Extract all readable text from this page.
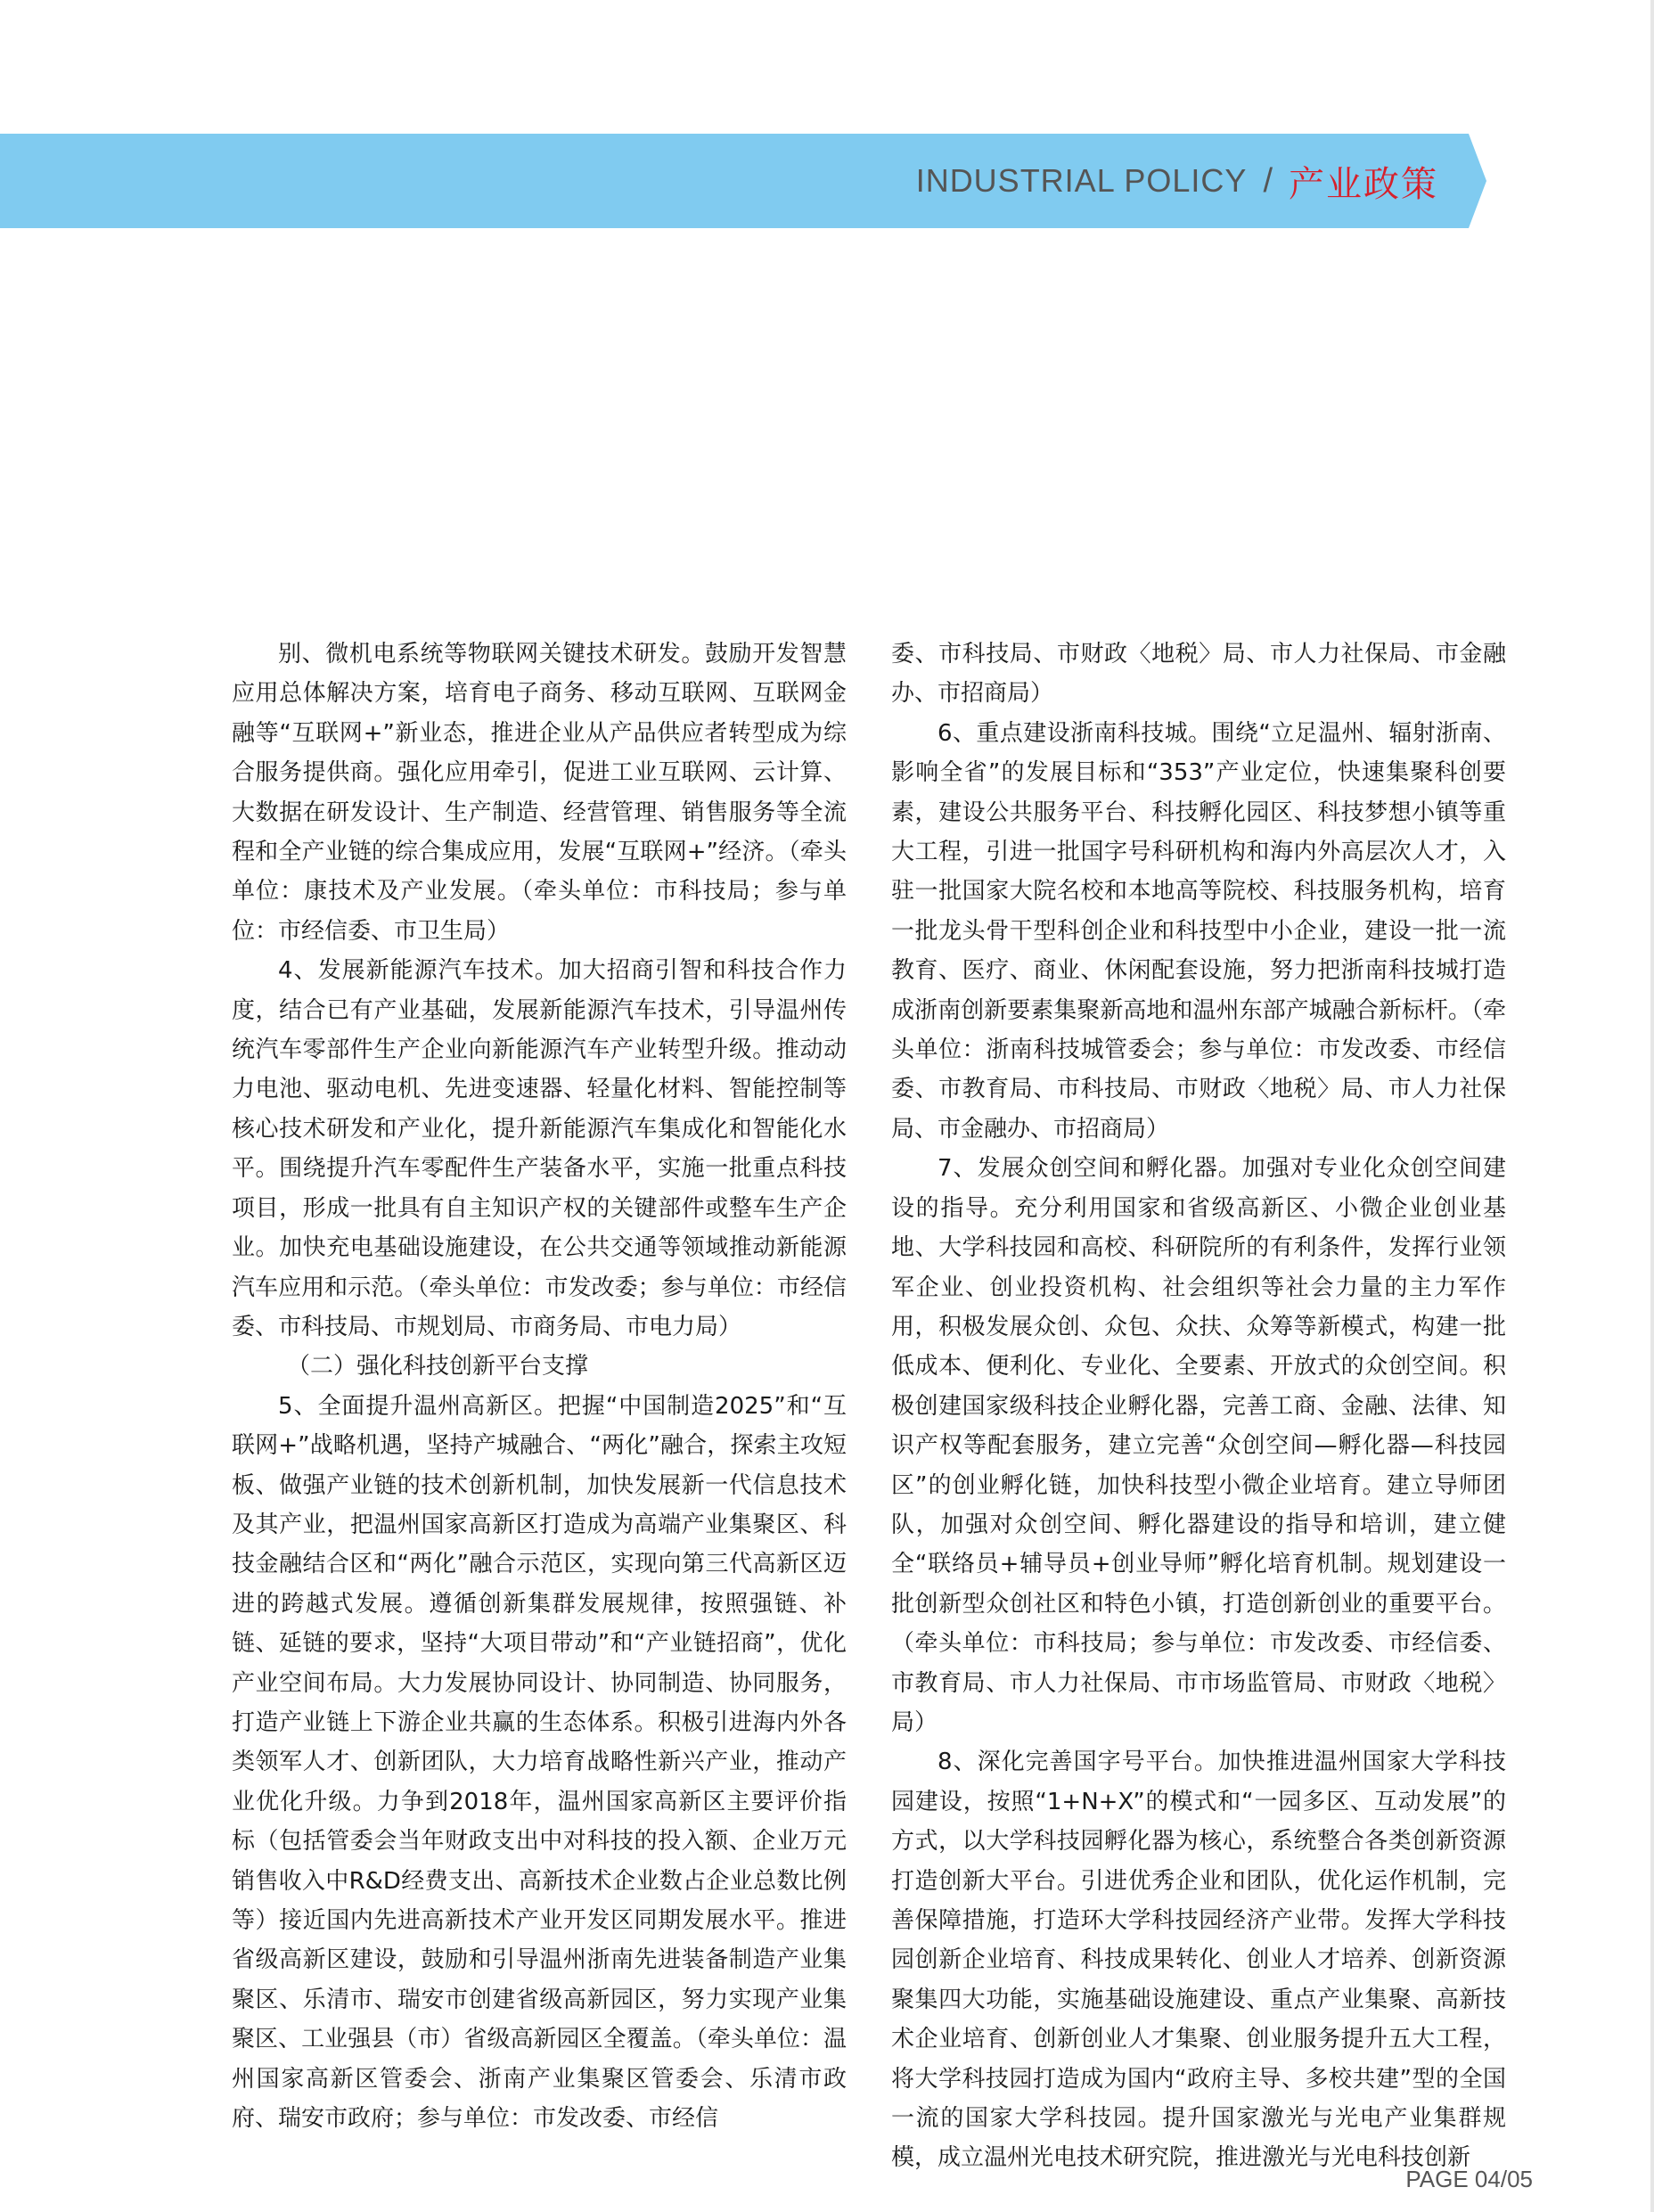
INDUSTRIAL POLICY / 产业政策

别、微机电系统等物联网关键技术研发。鼓励开发智慧应用总体解决方案，培育电子商务、移动互联网、互联网金融等“互联网+”新业态，推进企业从产品供应者转型成为综合服务提供商。强化应用牵引，促进工业互联网、云计算、大数据在研发设计、生产制造、经营管理、销售服务等全流程和全产业链的综合集成应用，发展“互联网+”经济。（牵头单位：康技术及产业发展。（牵头单位：市科技局；参与单位：市经信委、市卫生局）

4、发展新能源汽车技术。加大招商引智和科技合作力度，结合已有产业基础，发展新能源汽车技术，引导温州传统汽车零部件生产企业向新能源汽车产业转型升级。推动动力电池、驱动电机、先进变速器、轻量化材料、智能控制等核心技术研发和产业化，提升新能源汽车集成化和智能化水平。围绕提升汽车零配件生产装备水平，实施一批重点科技项目，形成一批具有自主知识产权的关键部件或整车生产企业。加快充电基础设施建设，在公共交通等领域推动新能源汽车应用和示范。（牵头单位：市发改委；参与单位：市经信委、市科技局、市规划局、市商务局、市电力局）

（二）强化科技创新平台支撑

5、全面提升温州高新区。把握“中国制造2025”和“互联网+”战略机遇，坚持产城融合、“两化”融合，探索主攻短板、做强产业链的技术创新机制，加快发展新一代信息技术及其产业，把温州国家高新区打造成为高端产业集聚区、科技金融结合区和“两化”融合示范区，实现向第三代高新区迈进的跨越式发展。遵循创新集群发展规律，按照强链、补链、延链的要求，坚持“大项目带动”和“产业链招商”，优化产业空间布局。大力发展协同设计、协同制造、协同服务，打造产业链上下游企业共赢的生态体系。积极引进海内外各类领军人才、创新团队，大力培育战略性新兴产业，推动产业优化升级。力争到2018年，温州国家高新区主要评价指标（包括管委会当年财政支出中对科技的投入额、企业万元销售收入中R&D经费支出、高新技术企业数占企业总数比例等）接近国内先进高新技术产业开发区同期发展水平。推进省级高新区建设，鼓励和引导温州浙南先进装备制造产业集聚区、乐清市、瑞安市创建省级高新园区，努力实现产业集聚区、工业强县（市）省级高新园区全覆盖。（牵头单位：温州国家高新区管委会、浙南产业集聚区管委会、乐清市政府、瑞安市政府；参与单位：市发改委、市经信

委、市科技局、市财政〈地税〉局、市人力社保局、市金融办、市招商局）

6、重点建设浙南科技城。围绕“立足温州、辐射浙南、影响全省”的发展目标和“353”产业定位，快速集聚科创要素，建设公共服务平台、科技孵化园区、科技梦想小镇等重大工程，引进一批国字号科研机构和海内外高层次人才，入驻一批国家大院名校和本地高等院校、科技服务机构，培育一批龙头骨干型科创企业和科技型中小企业，建设一批一流教育、医疗、商业、休闲配套设施，努力把浙南科技城打造成浙南创新要素集聚新高地和温州东部产城融合新标杆。（牵头单位：浙南科技城管委会；参与单位：市发改委、市经信委、市教育局、市科技局、市财政〈地税〉局、市人力社保局、市金融办、市招商局）

7、发展众创空间和孵化器。加强对专业化众创空间建设的指导。充分利用国家和省级高新区、小微企业创业基地、大学科技园和高校、科研院所的有利条件，发挥行业领军企业、创业投资机构、社会组织等社会力量的主力军作用，积极发展众创、众包、众扶、众筹等新模式，构建一批低成本、便利化、专业化、全要素、开放式的众创空间。积极创建国家级科技企业孵化器，完善工商、金融、法律、知识产权等配套服务，建立完善“众创空间—孵化器—科技园区”的创业孵化链，加快科技型小微企业培育。建立导师团队，加强对众创空间、孵化器建设的指导和培训，建立健全“联络员+辅导员+创业导师”孵化培育机制。规划建设一批创新型众创社区和特色小镇，打造创新创业的重要平台。（牵头单位：市科技局；参与单位：市发改委、市经信委、市教育局、市人力社保局、市市场监管局、市财政〈地税〉局）

8、深化完善国字号平台。加快推进温州国家大学科技园建设，按照“1+N+X”的模式和“一园多区、互动发展”的方式，以大学科技园孵化器为核心，系统整合各类创新资源打造创新大平台。引进优秀企业和团队，优化运作机制，完善保障措施，打造环大学科技园经济产业带。发挥大学科技园创新企业培育、科技成果转化、创业人才培养、创新资源聚集四大功能，实施基础设施建设、重点产业集聚、高新技术企业培育、创新创业人才集聚、创业服务提升五大工程，将大学科技园打造成为国内“政府主导、多校共建”型的全国一流的国家大学科技园。提升国家激光与光电产业集群规模，成立温州光电技术研究院，推进激光与光电科技创新

PAGE 04/05
